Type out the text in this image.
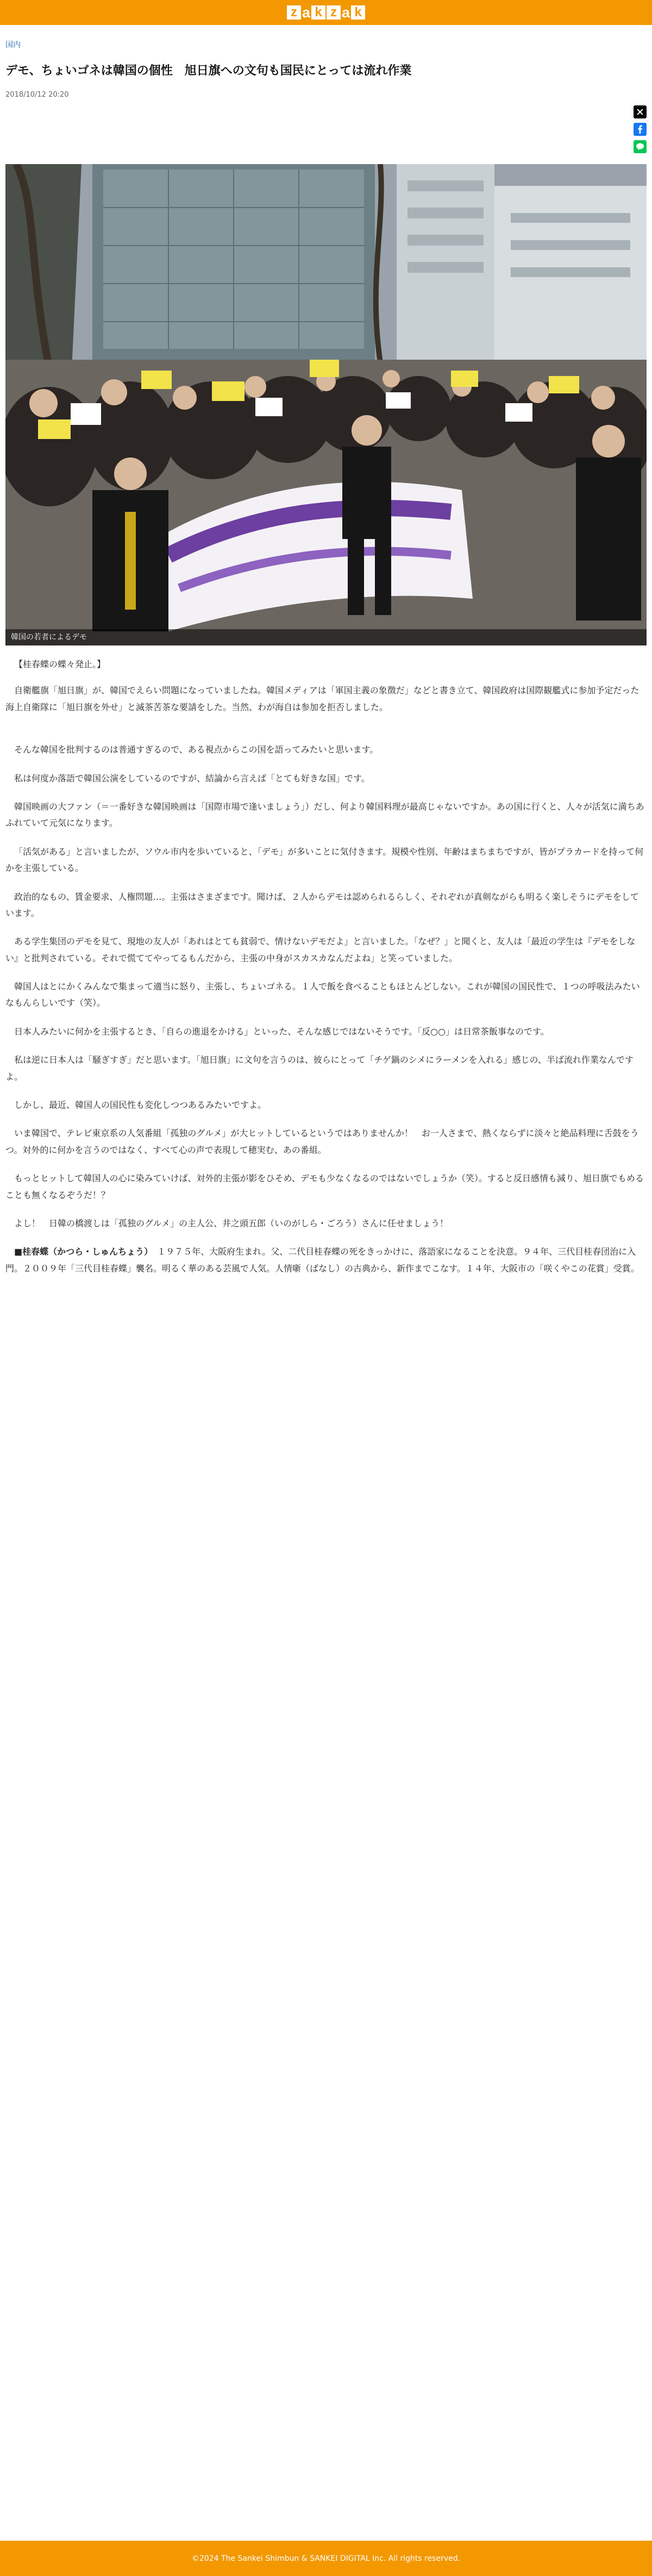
z a k z a k
国内
デモ、ちょいゴネは韓国の個性　旭日旗への文句も国民にとっては流れ作業
2018/10/12 20:20
韓国の若者によるデモ

【桂春蝶の蝶々発止。】

自衛艦旗「旭日旗」が、韓国でえらい問題になっていましたね。韓国メディアは「軍国主義の象徴だ」などと書き立て、韓国政府は国際観艦式に参加予定だった海上自衛隊に「旭日旗を外せ」と滅茶苦茶な要請をした。当然、わが海自は参加を拒否しました。

そんな韓国を批判するのは普通すぎるので、ある視点からこの国を語ってみたいと思います。

私は何度か落語で韓国公演をしているのですが、結論から言えば「とても好きな国」です。

韓国映画の大ファン（＝一番好きな韓国映画は「国際市場で逢いましょう」）だし、何より韓国料理が最高じゃないですか。あの国に行くと、人々が活気に満ちあふれていて元気になります。

「活気がある」と言いましたが、ソウル市内を歩いていると、「デモ」が多いことに気付きます。規模や性別、年齢はまちまちですが、皆がプラカードを持って何かを主張している。

政治的なもの、賃金要求、人権問題…。主張はさまざまです。聞けば、２人からデモは認められるらしく、それぞれが真剣ながらも明るく楽しそうにデモをしています。

ある学生集団のデモを見て、現地の友人が「あれはとても貧弱で、情けないデモだよ」と言いました。「なぜ？」と聞くと、友人は「最近の学生は『デモをしない』と批判されている。それで慌ててやってるもんだから、主張の中身がスカスカなんだよね」と笑っていました。

韓国人はとにかくみんなで集まって適当に怒り、主張し、ちょいゴネる。１人で飯を食べることもほとんどしない。これが韓国の国民性で、１つの呼吸法みたいなもんらしいです（笑）。

日本人みたいに何かを主張するとき、「自らの進退をかける」といった、そんな感じではないそうです。「反○○」は日常茶飯事なのです。

私は逆に日本人は「騒ぎすぎ」だと思います。「旭日旗」に文句を言うのは、彼らにとって「チゲ鍋のシメにラーメンを入れる」感じの、半ば流れ作業なんですよ。

しかし、最近、韓国人の国民性も変化しつつあるみたいですよ。

いま韓国で、テレビ東京系の人気番組「孤独のグルメ」が大ヒットしているというではありませんか！　お一人さまで、熱くならずに淡々と絶品料理に舌鼓をうつ。対外的に何かを言うのではなく、すべて心の声で表現して穂実む、あの番組。

もっとヒットして韓国人の心に染みていけば、対外的主張が影をひそめ、デモも少なくなるのではないでしょうか（笑）。すると反日感情も減り、旭日旗でもめることも無くなるぞうだ！？

よし！　日韓の橋渡しは「孤独のグルメ」の主人公、井之頭五郎（いのがしら・ごろう）さんに任せましょう！

■桂春蝶（かつら・しゅんちょう）　１９７５年、大阪府生まれ。父、二代目桂春蝶の死をきっかけに、落語家になることを決意。９４年、三代目桂春団治に入門。２００９年「三代目桂春蝶」襲名。明るく華のある芸風で人気。人情噺（ばなし）の古典から、新作までこなす。１４年、大阪市の「咲くやこの花賞」受賞。

©2024 The Sankei Shimbun & SANKEI DIGITAL Inc. All rights reserved.
